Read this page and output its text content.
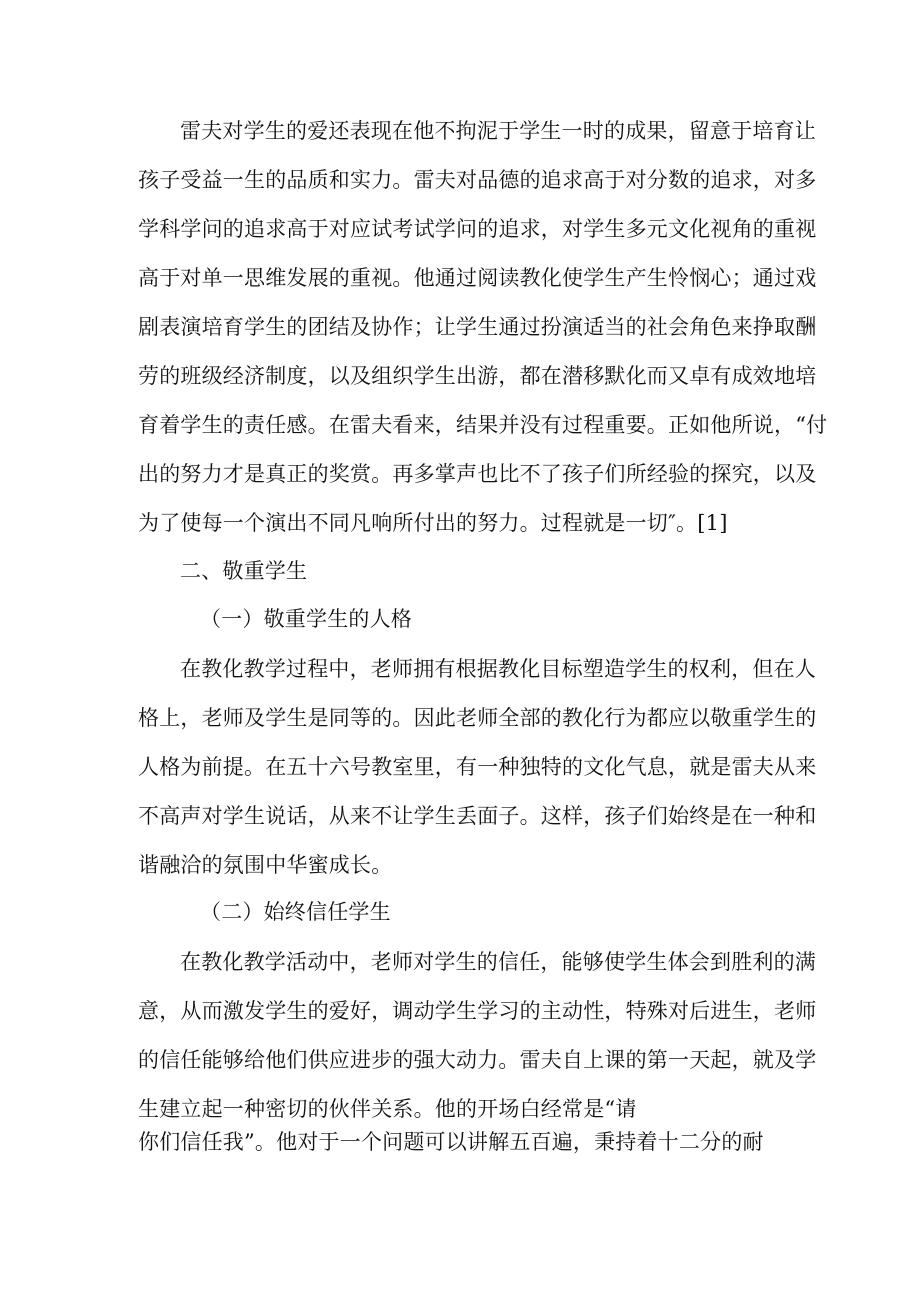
雷夫对学生的爱还表现在他不拘泥于学生一时的成果，留意于培育让
孩子受益一生的品质和实力。雷夫对品德的追求高于对分数的追求，对多
学科学问的追求高于对应试考试学问的追求，对学生多元文化视角的重视
高于对单一思维发展的重视。他通过阅读教化使学生产生怜悯心；通过戏
剧表演培育学生的团结及协作；让学生通过扮演适当的社会角色来挣取酬
劳的班级经济制度，以及组织学生出游，都在潜移默化而又卓有成效地培
育着学生的责任感。在雷夫看来，结果并没有过程重要。正如他所说，“付
出的努力才是真正的奖赏。再多掌声也比不了孩子们所经验的探究，以及
为了使每一个演出不同凡响所付出的努力。过程就是一切″。[1]
二、敬重学生
（一）敬重学生的人格
在教化教学过程中，老师拥有根据教化目标塑造学生的权利，但在人
格上，老师及学生是同等的。因此老师全部的教化行为都应以敬重学生的
人格为前提。在五十六号教室里，有一种独特的文化气息，就是雷夫从来
不高声对学生说话，从来不让学生丢面子。这样，孩子们始终是在一种和
谐融洽的氛围中华蜜成长。
（二）始终信任学生
在教化教学活动中，老师对学生的信任，能够使学生体会到胜利的满
意，从而激发学生的爱好，调动学生学习的主动性，特殊对后进生，老师
的信任能够给他们供应进步的强大动力。雷夫自上课的第一天起，就及学
生建立起一种密切的伙伴关系。他的开场白经常是“请
你们信任我”。他对于一个问题可以讲解五百遍，秉持着十二分的耐
